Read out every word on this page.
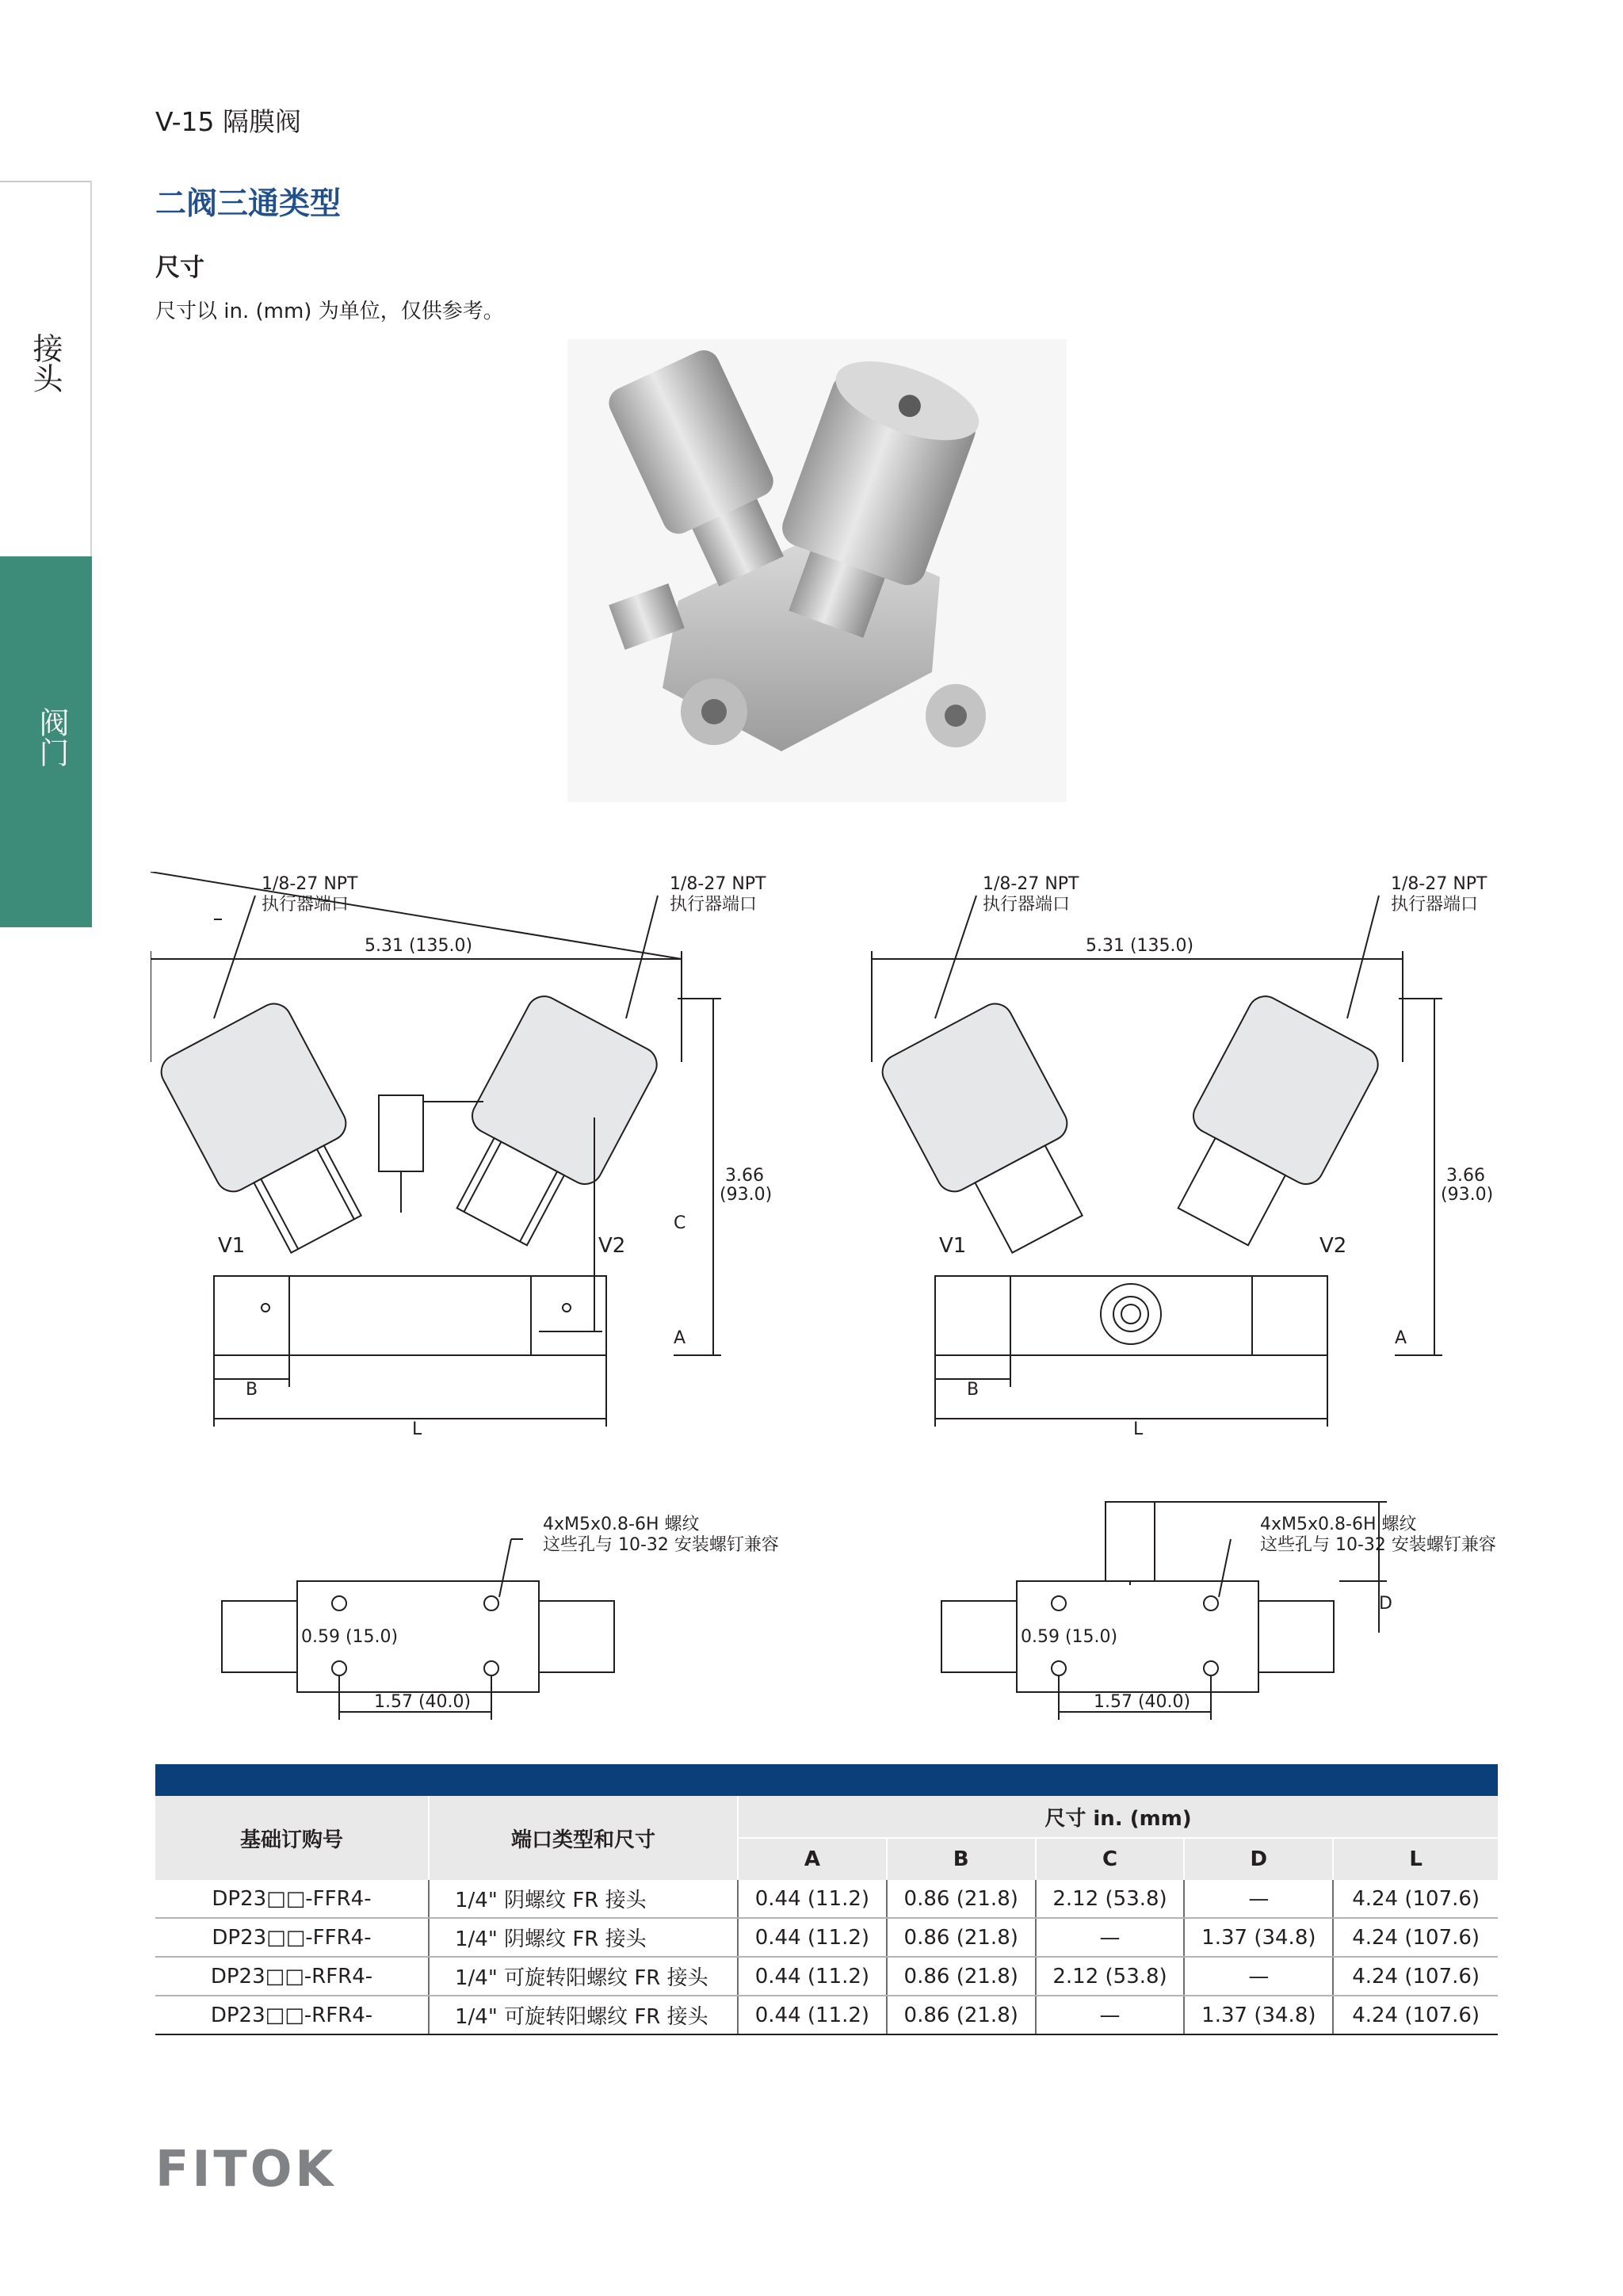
接头
阀门
V-15 隔膜阀
二阀三通类型
尺寸
尺寸以 in. (mm) 为单位，仅供参考。
1/8-27 NPT
执行器端口
1/8-27 NPT
执行器端口
5.31 (135.0)
3.66
(93.0)
V1	V2
C
A
B
L
1/8-27 NPT
执行器端口
1/8-27 NPT
执行器端口
5.31 (135.0)
3.66
(93.0)
V1	V2
A
B
L
4xM5x0.8-6H 螺纹
这些孔与 10-32 安装螺钉兼容
0.59 (15.0)
1.57 (40.0)
4xM5x0.8-6H 螺纹
这些孔与 10-32 安装螺钉兼容
0.59 (15.0)
1.57 (40.0)
D
基础订购号	端口类型和尺寸	尺寸 in. (mm)				
		A	B	C	D	L
DP23□□-FFR4-	1/4" 阴螺纹 FR 接头	0.44 (11.2)	0.86 (21.8)	2.12 (53.8)	—	4.24 (107.6)
DP23□□-FFR4-	1/4" 阴螺纹 FR 接头	0.44 (11.2)	0.86 (21.8)	—	1.37 (34.8)	4.24 (107.6)
DP23□□-RFR4-	1/4" 可旋转阳螺纹 FR 接头	0.44 (11.2)	0.86 (21.8)	2.12 (53.8)	—	4.24 (107.6)
DP23□□-RFR4-	1/4" 可旋转阳螺纹 FR 接头	0.44 (11.2)	0.86 (21.8)	—	1.37 (34.8)	4.24 (107.6)
FITOK
